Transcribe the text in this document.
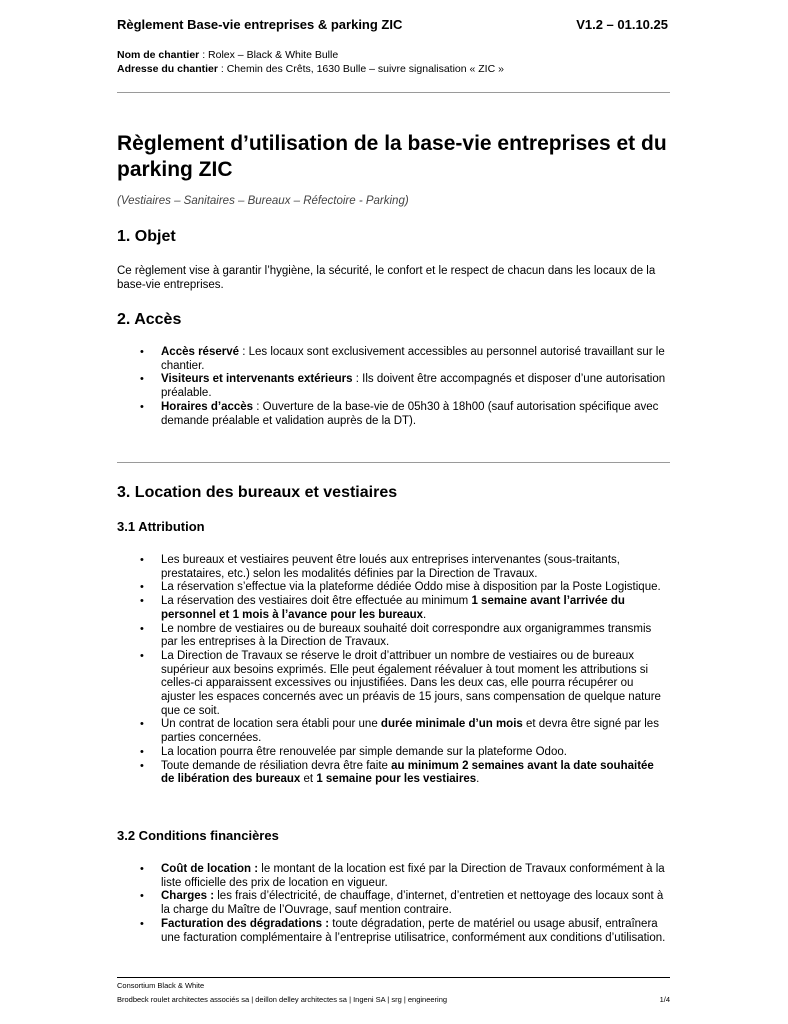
Règlement Base-vie entreprises & parking ZIC	V1.2 – 01.10.25
Nom de chantier : Rolex – Black & White Bulle
Adresse du chantier : Chemin des Crêts, 1630 Bulle – suivre signalisation « ZIC »
Règlement d’utilisation de la base-vie entreprises et du parking ZIC
(Vestiaires – Sanitaires – Bureaux – Réfectoire - Parking)
1. Objet

Ce règlement vise à garantir l’hygiène, la sécurité, le confort et le respect de chacun dans les locaux de la base-vie entreprises.

2. Accès
• Accès réservé : Les locaux sont exclusivement accessibles au personnel autorisé travaillant sur le chantier.
• Visiteurs et intervenants extérieurs : Ils doivent être accompagnés et disposer d’une autorisation préalable.
• Horaires d’accès : Ouverture de la base-vie de 05h30 à 18h00 (sauf autorisation spécifique avec demande préalable et validation auprès de la DT).
3. Location des bureaux et vestiaires
3.1 Attribution
• Les bureaux et vestiaires peuvent être loués aux entreprises intervenantes (sous-traitants, prestataires, etc.) selon les modalités définies par la Direction de Travaux.
• La réservation s’effectue via la plateforme dédiée Oddo mise à disposition par la Poste Logistique.
• La réservation des vestiaires doit être effectuée au minimum 1 semaine avant l’arrivée du personnel et 1 mois à l’avance pour les bureaux.
• Le nombre de vestiaires ou de bureaux souhaité doit correspondre aux organigrammes transmis par les entreprises à la Direction de Travaux.
• La Direction de Travaux se réserve le droit d’attribuer un nombre de vestiaires ou de bureaux supérieur aux besoins exprimés. Elle peut également réévaluer à tout moment les attributions si celles-ci apparaissent excessives ou injustifiées. Dans les deux cas, elle pourra récupérer ou ajuster les espaces concernés avec un préavis de 15 jours, sans compensation de quelque nature que ce soit.
• Un contrat de location sera établi pour une durée minimale d’un mois et devra être signé par les parties concernées.
• La location pourra être renouvelée par simple demande sur la plateforme Odoo.
• Toute demande de résiliation devra être faite au minimum 2 semaines avant la date souhaitée de libération des bureaux et 1 semaine pour les vestiaires.
3.2 Conditions financières
• Coût de location : le montant de la location est fixé par la Direction de Travaux conformément à la liste officielle des prix de location en vigueur.
• Charges : les frais d’électricité, de chauffage, d’internet, d’entretien et nettoyage des locaux sont à la charge du Maître de l’Ouvrage, sauf mention contraire.
• Facturation des dégradations : toute dégradation, perte de matériel ou usage abusif, entraînera une facturation complémentaire à l’entreprise utilisatrice, conformément aux conditions d’utilisation.
Consortium Black & White
Brodbeck roulet architectes associés sa | deillon delley architectes sa | Ingeni SA | srg | engineering	1/4
